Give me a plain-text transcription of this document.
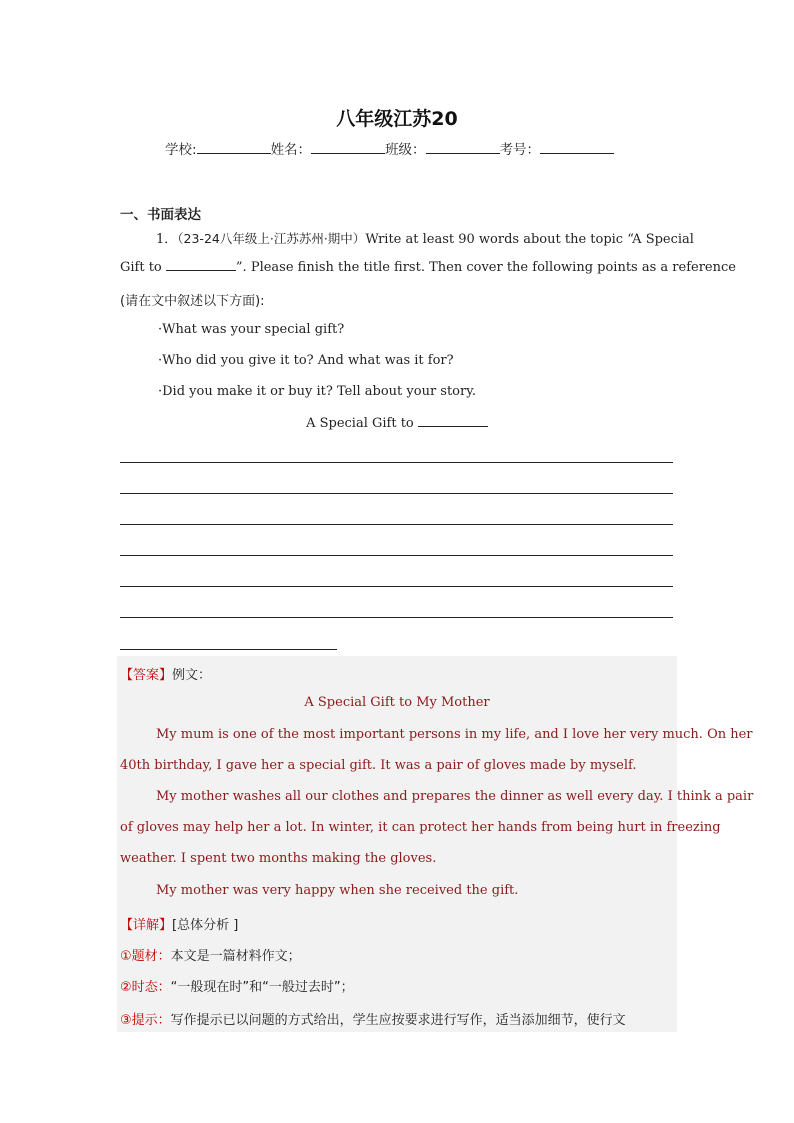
八年级江苏20
学校:	姓名：	班级：	考号：
一、书面表达
1．（23-24八年级上·江苏苏州·期中）Write at least 90 words about the topic “A Special
Gift to	”. Please finish the title first. Then cover the following points as a reference
(请在文中叙述以下方面):
·What was your special gift?
·Who did you give it to? And what was it for?
·Did you make it or buy it? Tell about your story.
A Special Gift to
【答案】例文：
A Special Gift to My Mother
My mum is one of the most important persons in my life, and I love her very much. On her
40th birthday, I gave her a special gift. It was a pair of gloves made by myself.
My mother washes all our clothes and prepares the dinner as well every day. I think a pair
of gloves may help her a lot. In winter, it can protect her hands from being hurt in freezing
weather. I spent two months making the gloves.
My mother was very happy when she received the gift.
【详解】[总体分析 ]
①题材：本文是一篇材料作文；
②时态：“一般现在时”和“一般过去时”；
③提示：写作提示已以问题的方式给出，学生应按要求进行写作，适当添加细节，使行文
